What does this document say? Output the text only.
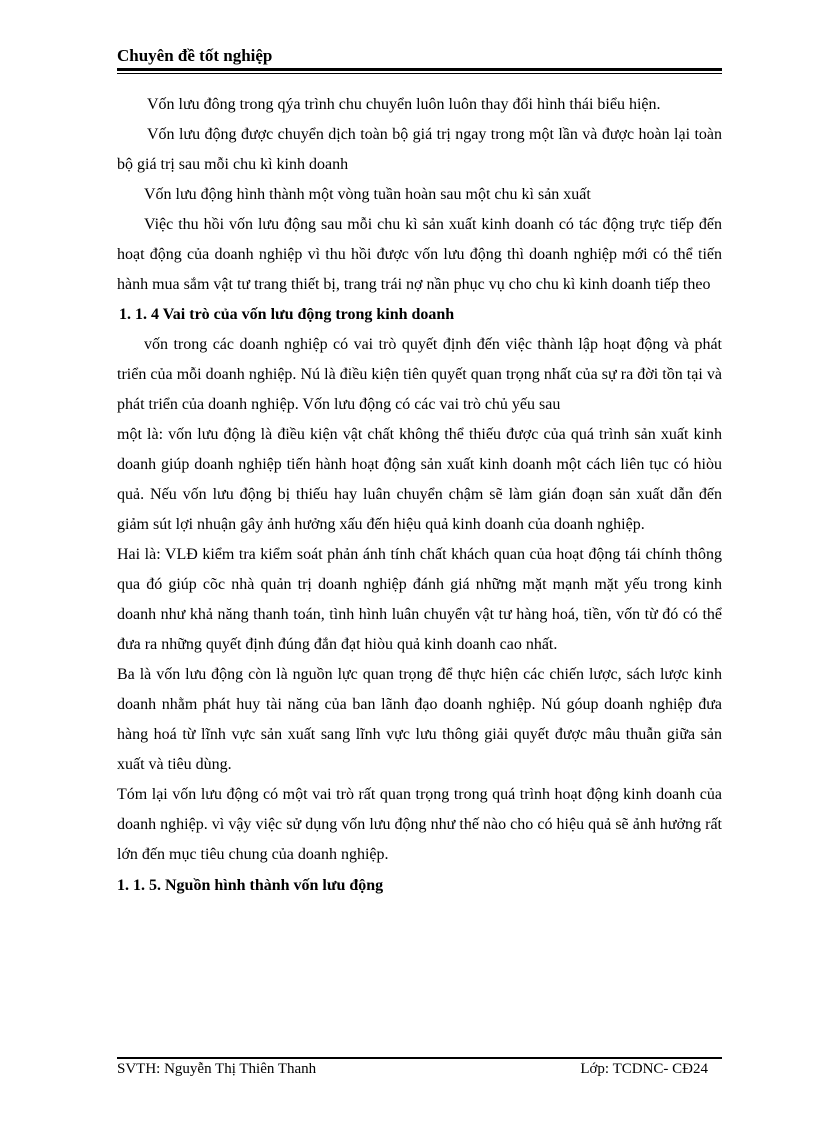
Chuyên đề tốt nghiệp

Vốn lưu đông trong qýa trình chu chuyển luôn luôn thay đổi hình thái biểu hiện.

Vốn lưu động được chuyển dịch toàn bộ giá trị ngay trong một lần và được hoàn lại toàn bộ giá trị sau mỗi chu kì kinh doanh

Vốn lưu động hình thành một vòng tuần hoàn sau một chu kì sản xuất

Việc thu hồi vốn lưu động sau mỗi chu kì sản xuất kinh doanh có tác động trực tiếp đến hoạt động của doanh nghiệp vì thu hồi được vốn lưu động thì doanh nghiệp mới có thể tiến hành mua sắm vật tư trang thiết bị, trang trái nợ nần phục vụ cho chu kì kinh doanh tiếp theo

1. 1. 4 Vai trò của vốn lưu động trong kinh doanh

vốn trong các doanh nghiệp có vai trò quyết định đến việc thành lập hoạt động và phát triển của mỗi doanh nghiệp. Nú là điều kiện tiên quyết quan trọng nhất của sự ra đời tồn tại và phát triển của doanh nghiệp. Vốn lưu động có các vai trò chủ yếu sau

một là: vốn lưu động là điều kiện vật chất không thể thiếu được của quá trình sản xuất kinh doanh giúp doanh nghiệp tiến hành hoạt động sản xuất kinh doanh một cách liên tục có hiòu quả. Nếu vốn lưu động bị thiếu hay luân chuyển chậm sẽ làm gián đoạn sản xuất dẫn đến giảm sút lợi nhuận gây ảnh hưởng xấu đến hiệu quả kinh doanh của doanh nghiệp.

Hai là: VLĐ kiểm tra kiểm soát phản ánh tính chất khách quan của hoạt động tái chính thông qua đó giúp cõc nhà quản trị doanh nghiệp đánh giá những mặt mạnh mặt yếu trong kinh doanh như khả năng thanh toán, tình hình luân chuyển vật tư hàng hoá, tiền, vốn từ đó có thể đưa ra những quyết định đúng đắn đạt hiòu quả kinh doanh cao nhất.

Ba là vốn lưu động còn là nguồn lực quan trọng để thực hiện các chiến lược, sách lược kinh doanh nhằm phát huy tài năng của ban lãnh đạo doanh nghiệp. Nú góup doanh nghiệp đưa hàng hoá từ lĩnh vực sản xuất sang lĩnh vực lưu thông giải quyết được mâu thuẫn giữa sản xuất và tiêu dùng.

Tóm lại vốn lưu động có một vai trò rất quan trọng trong quá trình hoạt động kinh doanh của doanh nghiệp. vì vậy việc sử dụng vốn lưu động như thế nào cho có hiệu quả sẽ ảnh hưởng rất lớn đến mục tiêu chung của doanh nghiệp.

1. 1. 5. Nguồn hình thành vốn lưu động

SVTH: Nguyễn Thị Thiên Thanh	Lớp: TCDNC- CĐ24
